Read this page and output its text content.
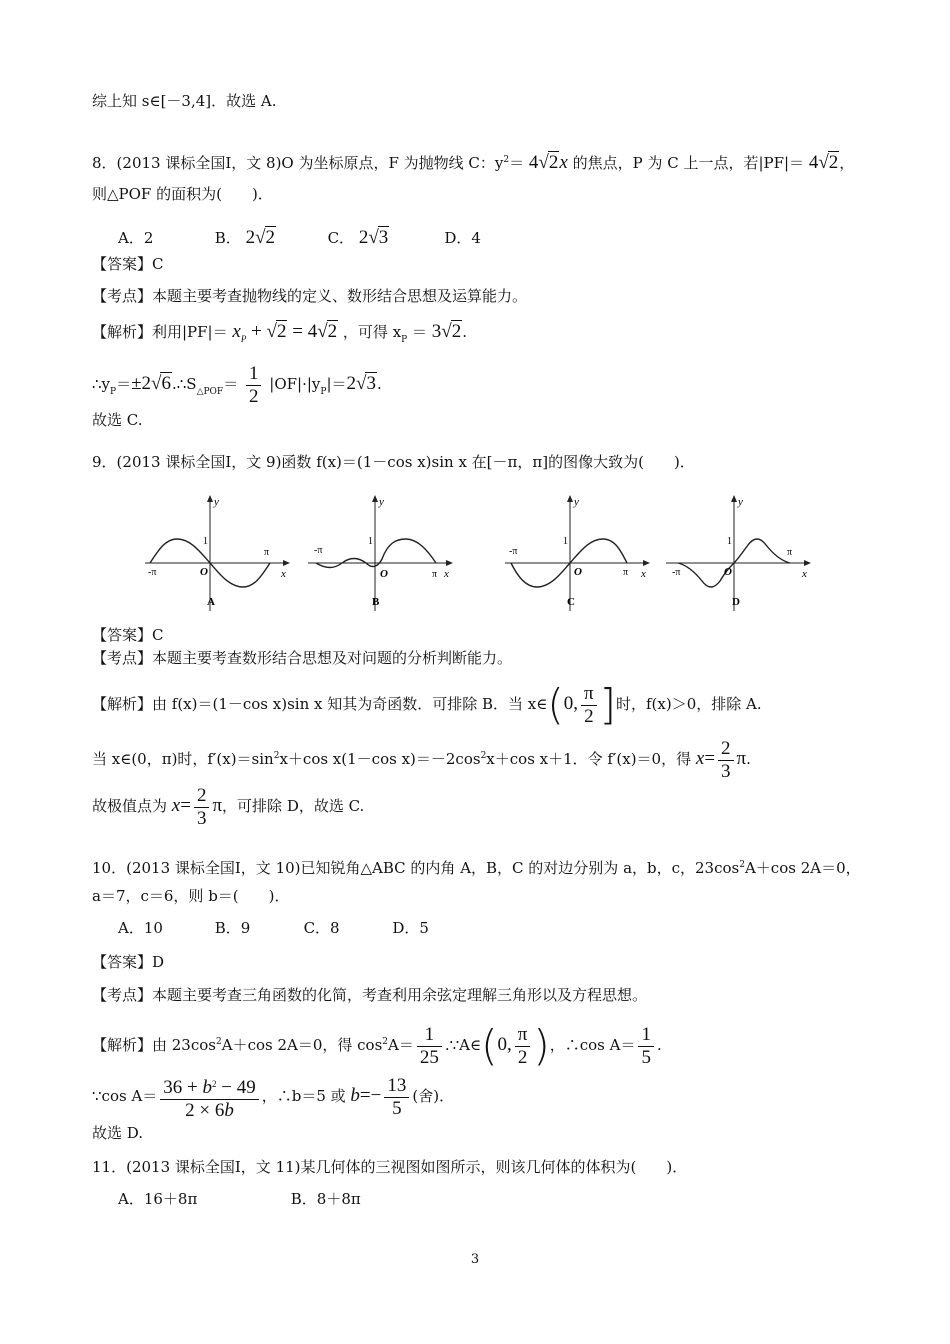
综上知 s∈[－3,4]．故选 A.
8．(2013 课标全国Ⅰ，文 8)O 为坐标原点，F 为抛物线 C：$y^2= 4√2x$ 的焦点，P 为 C 上一点，若|PF|＝ 4√2，
则△POF 的面积为(　　)．
A．2	B． 2√2	C． 2√3	D．4
【答案】C
【考点】本题主要考查抛物线的定义、数形结合思想及运算能力。
【解析】利用$|PF|= x_P + √2 = 4√2$ ，可得 $x_P = 3√2$.
$\therefore y_P=\pm 2√6.\therefore S_{\triangle POF}= \frac{1}{2} |OF|\cdot|y_P|=2√3$.
故选 C.
9．(2013 课标全国Ⅰ，文 9)函数 f(x)＝(1－cos x)sin x 在[－π，π]的图像大致为(　　)．
y
x
1
π
-π	O
A
y
x
1
π
-π
O
B
y
x
1
π
-π
O
C
y
x
1
π
-π	O
D
【答案】C
【考点】本题主要考查数形结合思想及对问题的分析判断能力。
【解析】由 f(x)＝(1－cos x)sin x 知其为奇函数．可排除 B．当 x∈(0, $\frac{\pi}{2}$ ]时，f(x)＞0，排除 A.
当 x∈(0，π)时，$f'(x)=\sin^2x+\cos$ x(1－cos $x)=-2\cos^2x+\cos$ x＋1．令 f′(x)＝0，得 $x= \frac{2}{3} \pi$.
故极值点为 $x= \frac{2}{3}$ π，可排除 D，故选 C.
10．(2013 课标全国Ⅰ，文 10)已知锐角△ABC 的内角 A，B，C 的对边分别为 a，b，c，$23\cos^2A+\cos$ 2A＝0，
a＝7，c＝6，则 b＝(　　)．
A．10	B．9	C．8	D．5
【答案】D
【考点】本题主要考查三角函数的化简，考查利用余弦定理解三角形以及方程思想。
【解析】由 $23\cos^2A+\cos$ 2A＝0，得 $\cos^2A= \frac{1}{25}$ .∵A∈(0, $\frac{\pi}{2}$ )，∴cos $A= \frac{1}{5}$ .
∵cos $A= \frac{36 + b^2 - 49}{2 \times 6b}$ ，∴b＝5 或 $b=- \frac{13}{5}$ (舍)．
故选 D.
11．(2013 课标全国Ⅰ，文 11)某几何体的三视图如图所示，则该几何体的体积为(　　)．
A．16＋8π	B．8＋8π
3
